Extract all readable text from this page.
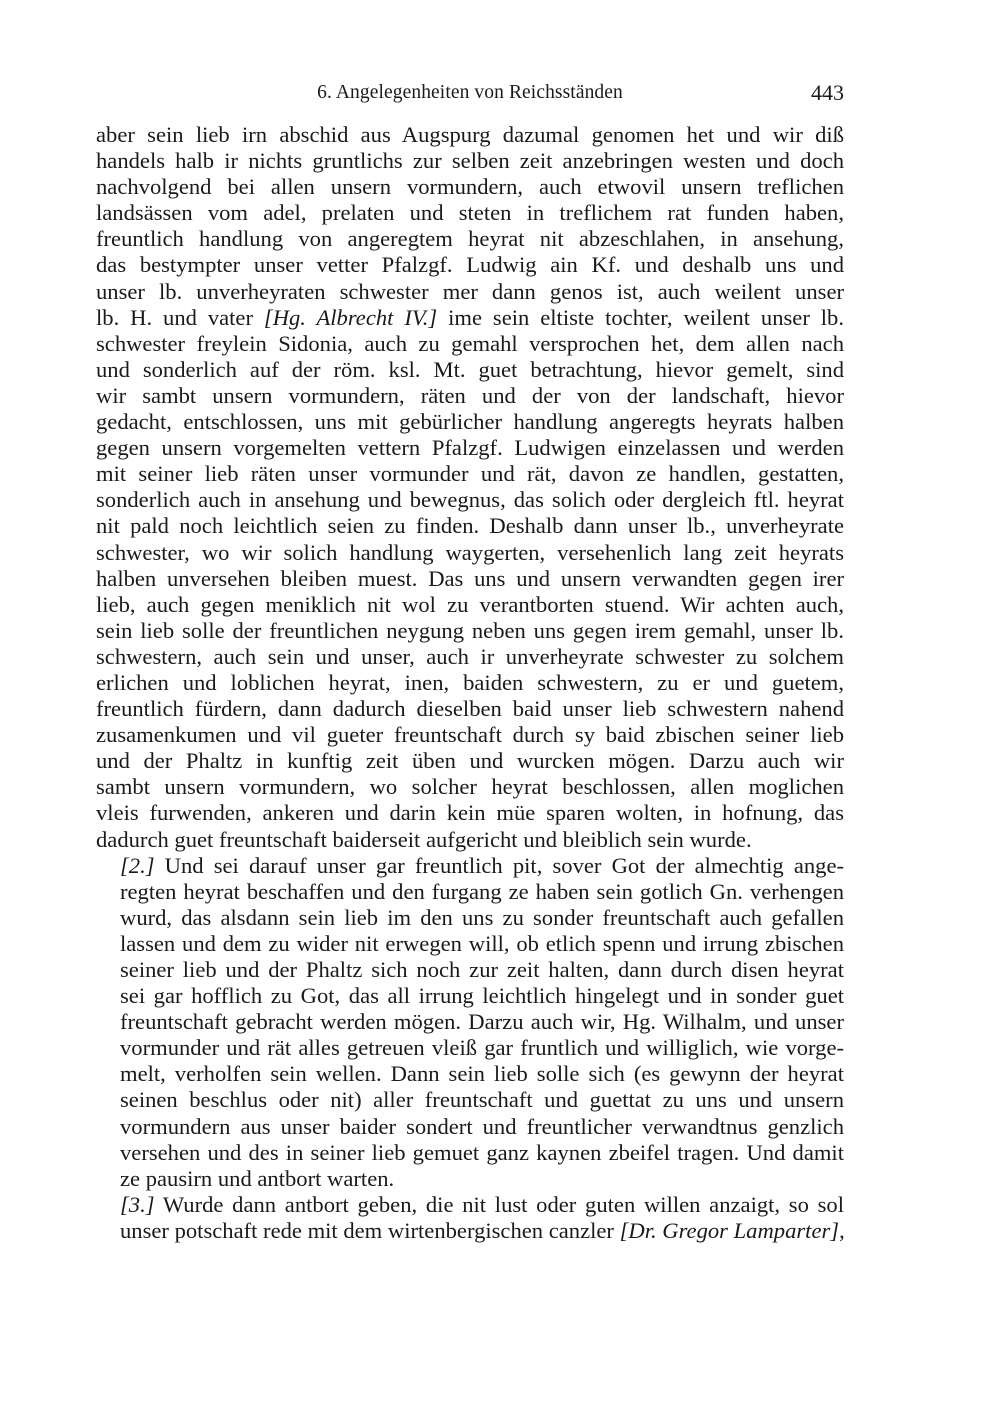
6. Angelegenheiten von Reichsständen	443

aber sein lieb irn abschid aus Augspurg dazumal genomen het und wir diß
handels halb ir nichts gruntlichs zur selben zeit anzebringen westen und doch
nachvolgend bei allen unsern vormundern, auch etwovil unsern treflichen
landsässen vom adel, prelaten und steten in treflichem rat funden haben,
freuntlich handlung von angeregtem heyrat nit abzeschlahen, in ansehung,
das bestympter unser vetter Pfalzgf. Ludwig ain Kf. und deshalb uns und
unser lb. unverheyraten schwester mer dann genos ist, auch weilent unser
lb. H. und vater [Hg. Albrecht IV.] ime sein eltiste tochter, weilent unser lb.
schwester freylein Sidonia, auch zu gemahl versprochen het, dem allen nach
und sonderlich auf der röm. ksl. Mt. guet betrachtung, hievor gemelt, sind
wir sambt unsern vormundern, räten und der von der landschaft, hievor
gedacht, entschlossen, uns mit gebürlicher handlung angeregts heyrats halben
gegen unsern vorgemelten vettern Pfalzgf. Ludwigen einzelassen und werden
mit seiner lieb räten unser vormunder und rät, davon ze handlen, gestatten,
sonderlich auch in ansehung und bewegnus, das solich oder dergleich ftl. heyrat
nit pald noch leichtlich seien zu finden. Deshalb dann unser lb., unverheyrate
schwester, wo wir solich handlung waygerten, versehenlich lang zeit heyrats
halben unversehen bleiben muest. Das uns und unsern verwandten gegen irer
lieb, auch gegen meniklich nit wol zu verantborten stuend. Wir achten auch,
sein lieb solle der freuntlichen neygung neben uns gegen irem gemahl, unser lb.
schwestern, auch sein und unser, auch ir unverheyrate schwester zu solchem
erlichen und loblichen heyrat, inen, baiden schwestern, zu er und guetem,
freuntlich fürdern, dann dadurch dieselben baid unser lieb schwestern nahend
zusamenkumen und vil gueter freuntschaft durch sy baid zbischen seiner lieb
und der Phaltz in kunftig zeit üben und wurcken mögen. Darzu auch wir
sambt unsern vormundern, wo solcher heyrat beschlossen, allen moglichen
vleis furwenden, ankeren und darin kein müe sparen wolten, in hofnung, das
dadurch guet freuntschaft baiderseit aufgericht und bleiblich sein wurde.

[2.] Und sei darauf unser gar freuntlich pit, sover Got der almechtig ange-
regten heyrat beschaffen und den furgang ze haben sein gotlich Gn. verhengen
wurd, das alsdann sein lieb im den uns zu sonder freuntschaft auch gefallen
lassen und dem zu wider nit erwegen will, ob etlich spenn und irrung zbischen
seiner lieb und der Phaltz sich noch zur zeit halten, dann durch disen heyrat
sei gar hofflich zu Got, das all irrung leichtlich hingelegt und in sonder guet
freuntschaft gebracht werden mögen. Darzu auch wir, Hg. Wilhalm, und unser
vormunder und rät alles getreuen vleiß gar fruntlich und williglich, wie vorge-
melt, verholfen sein wellen. Dann sein lieb solle sich (es gewynn der heyrat
seinen beschlus oder nit) aller freuntschaft und guettat zu uns und unsern
vormundern aus unser baider sondert und freuntlicher verwandtnus genzlich
versehen und des in seiner lieb gemuet ganz kaynen zbeifel tragen. Und damit
ze pausirn und antbort warten.

[3.] Wurde dann antbort geben, die nit lust oder guten willen anzaigt, so sol
unser potschaft rede mit dem wirtenbergischen canzler [Dr. Gregor Lamparter],
